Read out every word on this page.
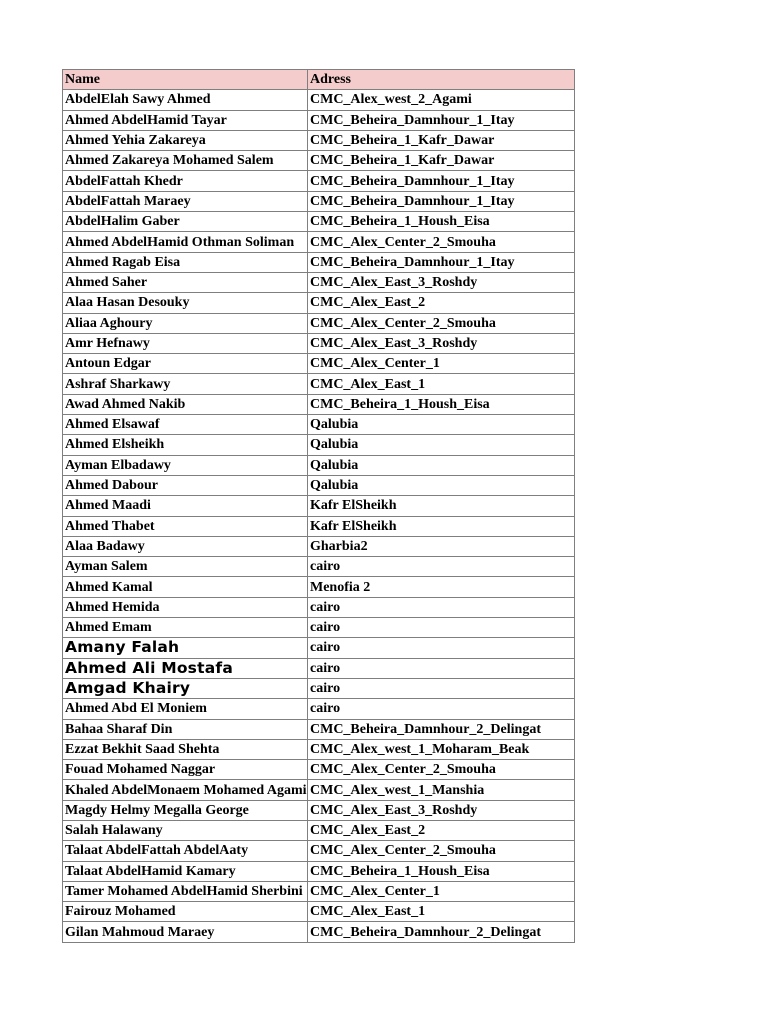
Name	Adress
AbdelElah Sawy Ahmed	CMC_Alex_west_2_Agami
Ahmed AbdelHamid Tayar	CMC_Beheira_Damnhour_1_Itay
Ahmed Yehia Zakareya	CMC_Beheira_1_Kafr_Dawar
Ahmed Zakareya Mohamed Salem	CMC_Beheira_1_Kafr_Dawar
AbdelFattah Khedr	CMC_Beheira_Damnhour_1_Itay
AbdelFattah Maraey	CMC_Beheira_Damnhour_1_Itay
AbdelHalim Gaber	CMC_Beheira_1_Housh_Eisa
Ahmed AbdelHamid Othman Soliman	CMC_Alex_Center_2_Smouha
Ahmed Ragab Eisa	CMC_Beheira_Damnhour_1_Itay
Ahmed Saher	CMC_Alex_East_3_Roshdy
Alaa Hasan Desouky	CMC_Alex_East_2
Aliaa Aghoury	CMC_Alex_Center_2_Smouha
Amr Hefnawy	CMC_Alex_East_3_Roshdy
Antoun Edgar	CMC_Alex_Center_1
Ashraf Sharkawy	CMC_Alex_East_1
Awad Ahmed Nakib	CMC_Beheira_1_Housh_Eisa
Ahmed Elsawaf	Qalubia
Ahmed Elsheikh	Qalubia
Ayman Elbadawy	Qalubia
Ahmed Dabour	Qalubia
Ahmed Maadi	Kafr ElSheikh
Ahmed Thabet	Kafr ElSheikh
Alaa Badawy	Gharbia2
Ayman Salem	cairo
Ahmed Kamal	Menofia 2
Ahmed Hemida	cairo
Ahmed Emam	cairo
Amany Falah	cairo
Ahmed Ali Mostafa	cairo
Amgad Khairy	cairo
Ahmed Abd El Moniem	cairo
Bahaa Sharaf Din	CMC_Beheira_Damnhour_2_Delingat
Ezzat Bekhit Saad Shehta	CMC_Alex_west_1_Moharam_Beak
Fouad Mohamed Naggar	CMC_Alex_Center_2_Smouha
Khaled AbdelMonaem Mohamed Agami	CMC_Alex_west_1_Manshia
Magdy Helmy Megalla George	CMC_Alex_East_3_Roshdy
Salah Halawany	CMC_Alex_East_2
Talaat AbdelFattah AbdelAaty	CMC_Alex_Center_2_Smouha
Talaat AbdelHamid Kamary	CMC_Beheira_1_Housh_Eisa
Tamer Mohamed AbdelHamid Sherbini	CMC_Alex_Center_1
Fairouz Mohamed	CMC_Alex_East_1
Gilan Mahmoud Maraey	CMC_Beheira_Damnhour_2_Delingat
